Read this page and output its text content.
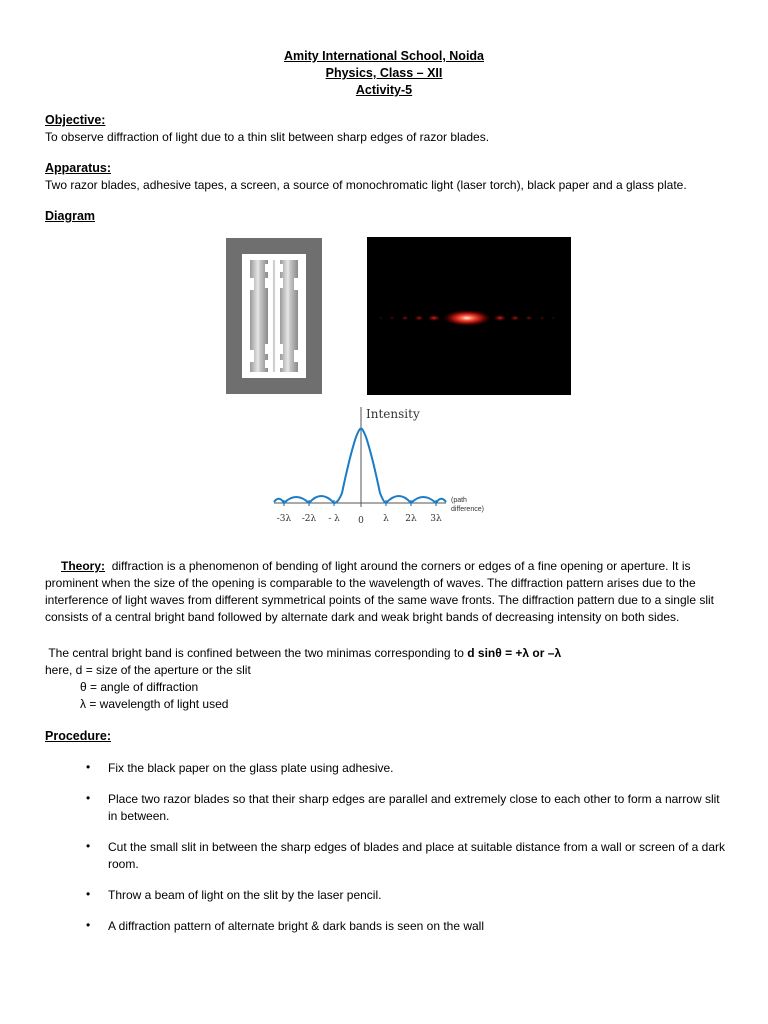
Amity International School, Noida
Physics, Class – XII
Activity-5
Objective:
To observe diffraction of light due to a thin slit between sharp edges of razor blades.
Apparatus:
Two razor blades, adhesive tapes, a screen, a source of monochromatic light (laser torch), black paper and a glass plate.
Diagram
Intensity
(path
difference)
-3λ -2λ - λ 0 λ 2λ 3λ
Theory: diffraction is a phenomenon of bending of light around the corners or edges of a fine opening or aperture. It is prominent when the size of the opening is comparable to the wavelength of waves. The diffraction pattern arises due to the interference of light waves from different symmetrical points of the same wave fronts. The diffraction pattern due to a single slit consists of a central bright band followed by alternate dark and weak bright bands of decreasing intensity on both sides.
The central bright band is confined between the two minimas corresponding to d sinθ = +λ or –λ
here, d = size of the aperture or the slit
θ = angle of diffraction
λ = wavelength of light used
Procedure:
• Fix the black paper on the glass plate using adhesive.
• Place two razor blades so that their sharp edges are parallel and extremely close to each other to form a narrow slit in between.
• Cut the small slit in between the sharp edges of blades and place at suitable distance from a wall or screen of a dark room.
• Throw a beam of light on the slit by the laser pencil.
• A diffraction pattern of alternate bright & dark bands is seen on the wall
